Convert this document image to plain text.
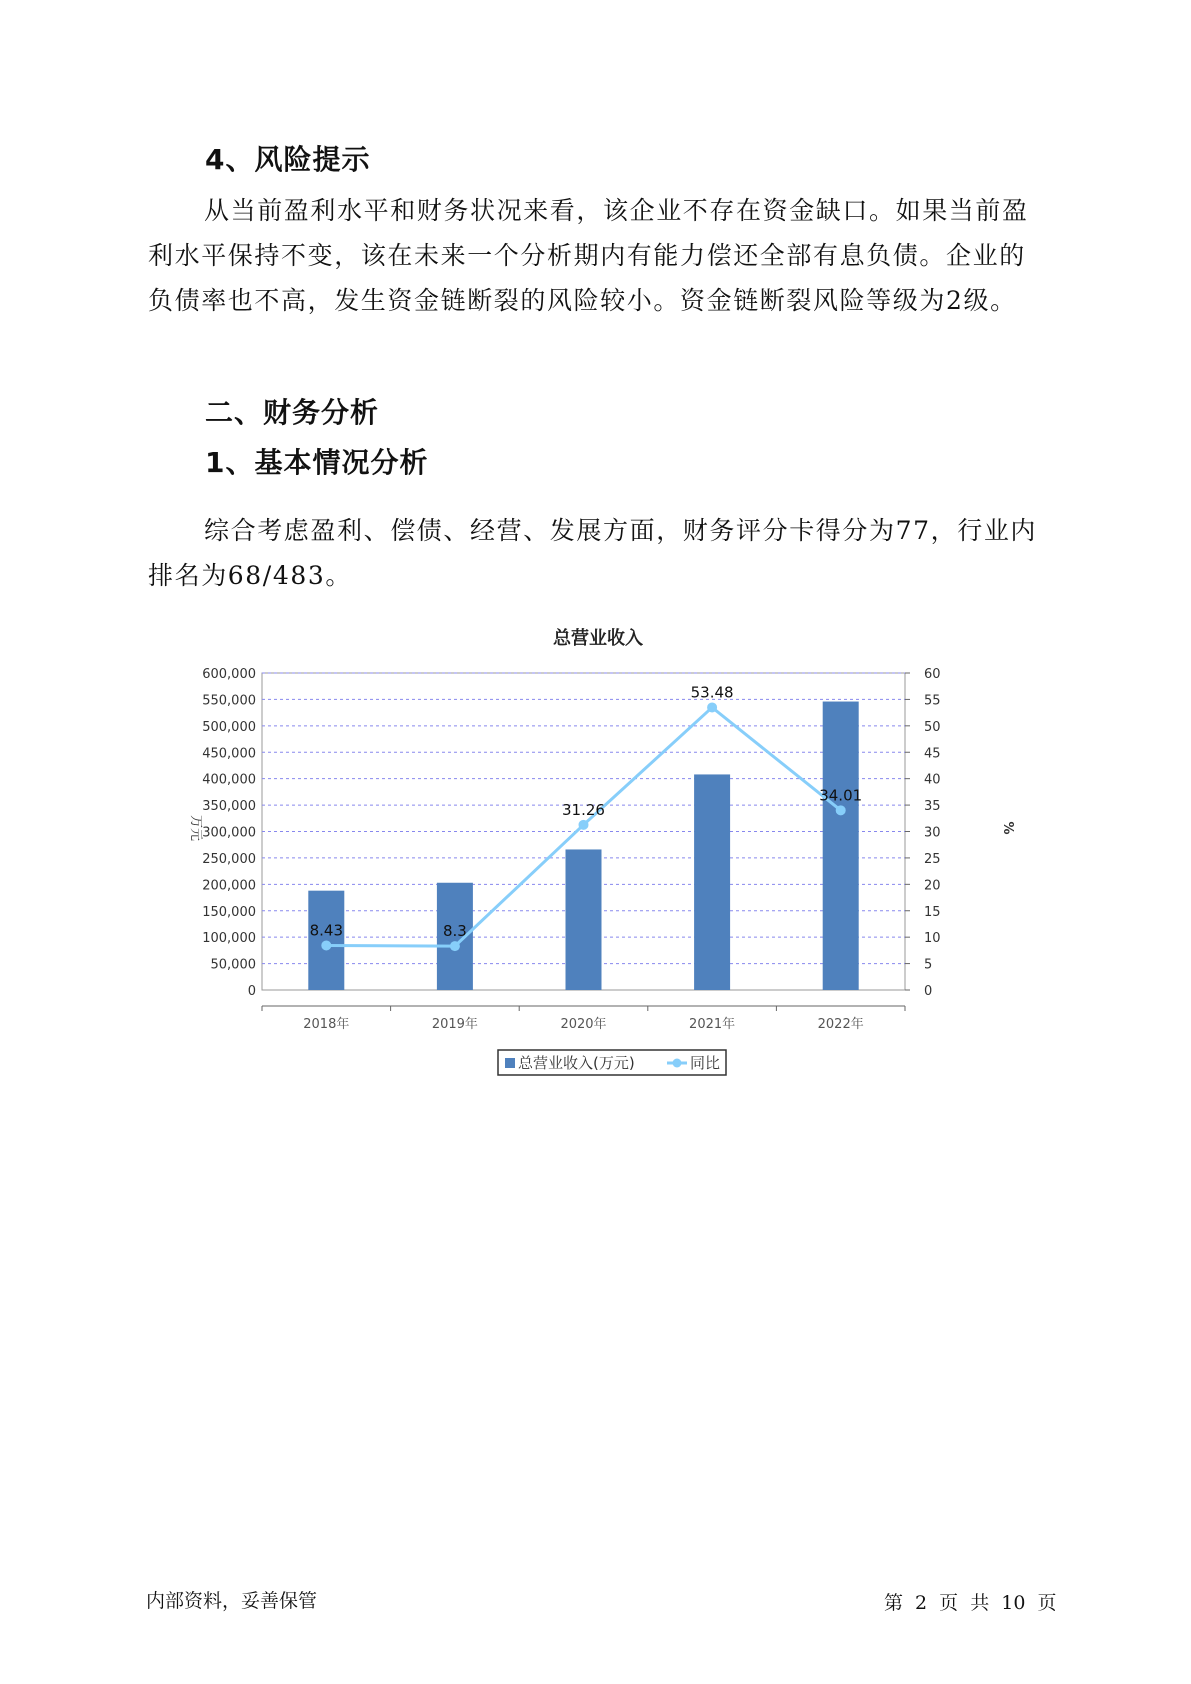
4、风险提示

从当前盈利水平和财务状况来看，该企业不存在资金缺口。如果当前盈利水平保持不变，该在未来一个分析期内有能力偿还全部有息负债。企业的负债率也不高，发生资金链断裂的风险较小。资金链断裂风险等级为2级。

二、财务分析
1、基本情况分析

综合考虑盈利、偿债、经营、发展方面，财务评分卡得分为77，行业内排名为68/483。

总营业收入
8.43	8.3
31.26
53.48
34.01
0
50,000
100,000
150,000
200,000
250,000
300,000
350,000
400,000
450,000
500,000
550,000
600,000
0
5
10
15
20
25
30
35
40
45
50
55
60
2018年	2019年	2020年	2021年	2022年
万元	%
总营业收入(万元)	同比
内部资料，妥善保管	第 2 页 共 10 页
